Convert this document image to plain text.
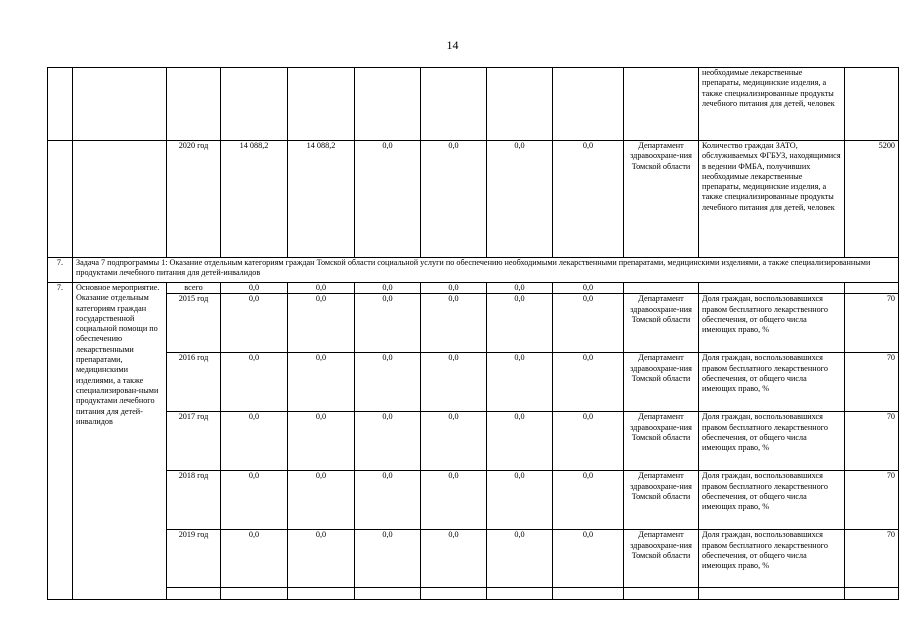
14
										необходимые лекарственные препараты, медицинские изделия, а также специализированные продукты лечебного питания для детей, человек	
		2020 год	14 088,2	14 088,2	0,0	0,0	0,0	0,0	Департамент здравоохране-ния Томской области	Количество граждан ЗАТО, обслуживаемых ФГБУЗ, находящимися в ведении ФМБА, получивших необходимые лекарственные препараты, медицинские изделия, а также специализированные продукты лечебного питания для детей, человек	5200
7.	Задача 7 подпрограммы 1: Оказание отдельным категориям граждан Томской области социальной услуги по обеспечению необходимыми лекарственными препаратами, медицинскими изделиями, а также специализированными продуктами лечебного питания для детей-инвалидов										
7.	Основное мероприятие. Оказание отдельным категориям граждан государственной социальной помощи по обеспечению лекарственными препаратами, медицинскими изделиями, а также специализирован-ными продуктами лечебного питания для детей-инвалидов	всего	0,0	0,0	0,0	0,0	0,0	0,0			
		2015 год	0,0	0,0	0,0	0,0	0,0	0,0	Департамент здравоохране-ния Томской области	Доля граждан, воспользовавшихся правом бесплатного лекарственного обеспечения, от общего числа имеющих право, %	70
		2016 год	0,0	0,0	0,0	0,0	0,0	0,0	Департамент здравоохране-ния Томской области	Доля граждан, воспользовавшихся правом бесплатного лекарственного обеспечения, от общего числа имеющих право, %	70
		2017 год	0,0	0,0	0,0	0,0	0,0	0,0	Департамент здравоохране-ния Томской области	Доля граждан, воспользовавшихся правом бесплатного лекарственного обеспечения, от общего числа имеющих право, %	70
		2018 год	0,0	0,0	0,0	0,0	0,0	0,0	Департамент здравоохране-ния Томской области	Доля граждан, воспользовавшихся правом бесплатного лекарственного обеспечения, от общего числа имеющих право, %	70
		2019 год	0,0	0,0	0,0	0,0	0,0	0,0	Департамент здравоохране-ния Томской области	Доля граждан, воспользовавшихся правом бесплатного лекарственного обеспечения, от общего числа имеющих право, %	70
